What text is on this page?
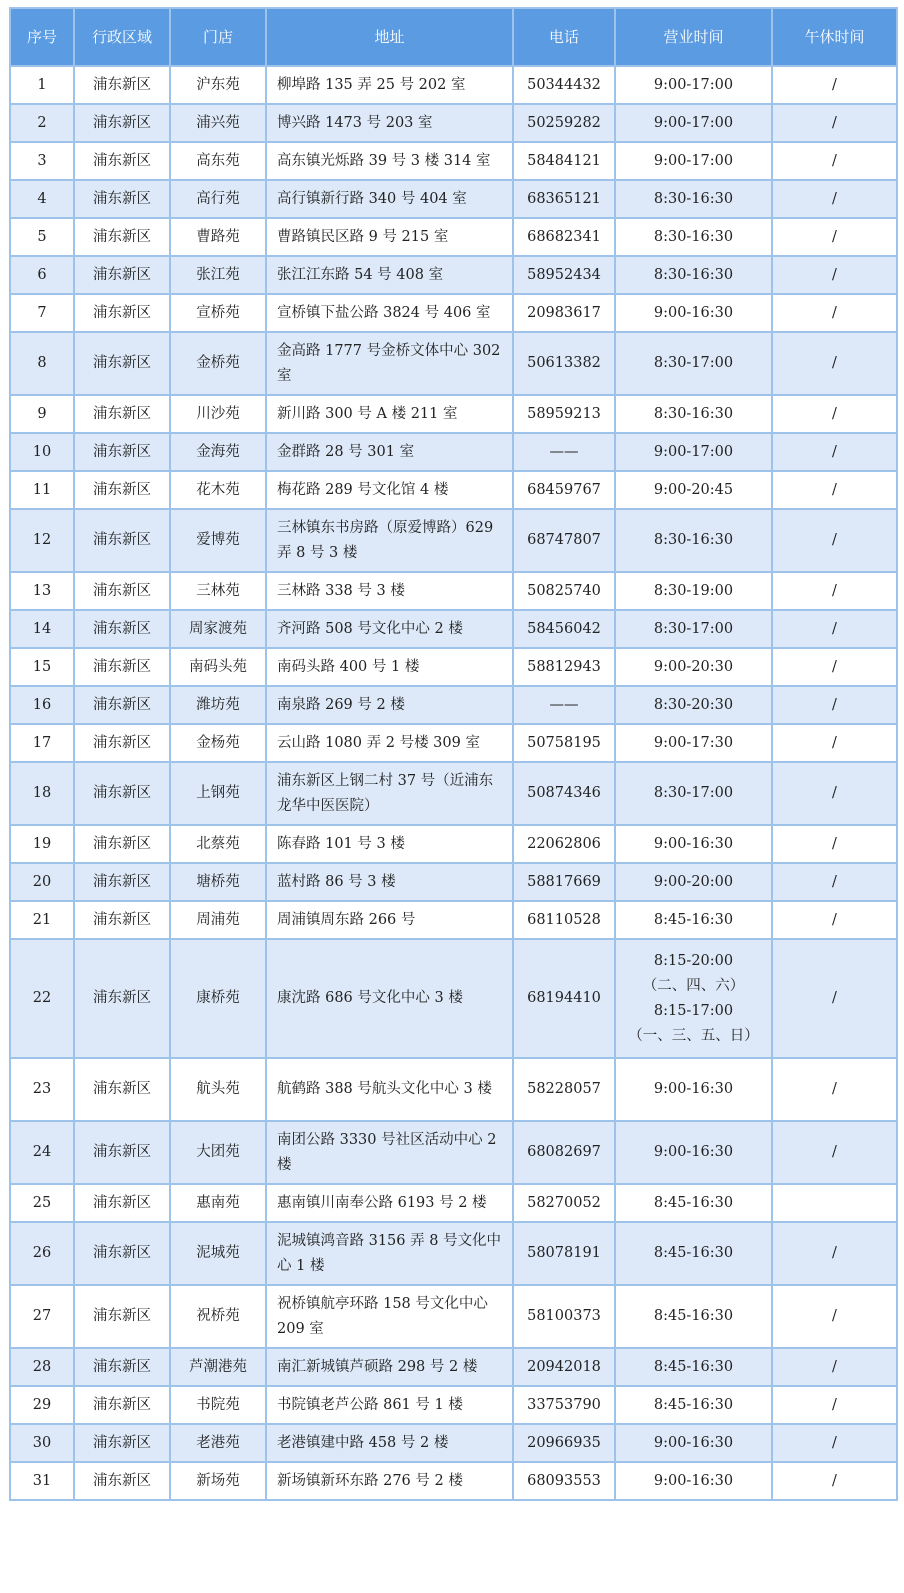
序号	行政区域	门店	地址	电话	营业时间	午休时间
1	浦东新区	沪东苑	柳埠路 135 弄 25 号 202 室	50344432	9:00-17:00	/
2	浦东新区	浦兴苑	博兴路 1473 号 203 室	50259282	9:00-17:00	/
3	浦东新区	高东苑	高东镇光烁路 39 号 3 楼 314 室	58484121	9:00-17:00	/
4	浦东新区	高行苑	高行镇新行路 340 号 404 室	68365121	8:30-16:30	/
5	浦东新区	曹路苑	曹路镇民区路 9 号 215 室	68682341	8:30-16:30	/
6	浦东新区	张江苑	张江江东路 54 号 408 室	58952434	8:30-16:30	/
7	浦东新区	宣桥苑	宣桥镇下盐公路 3824 号 406 室	20983617	9:00-16:30	/
8	浦东新区	金桥苑	金高路 1777 号金桥文体中心 302 室	50613382	8:30-17:00	/
9	浦东新区	川沙苑	新川路 300 号 A 楼 211 室	58959213	8:30-16:30	/
10	浦东新区	金海苑	金群路 28 号 301 室	——	9:00-17:00	/
11	浦东新区	花木苑	梅花路 289 号文化馆 4 楼	68459767	9:00-20:45	/
12	浦东新区	爱博苑	三林镇东书房路（原爱博路）629 弄 8 号 3 楼	68747807	8:30-16:30	/
13	浦东新区	三林苑	三林路 338 号 3 楼	50825740	8:30-19:00	/
14	浦东新区	周家渡苑	齐河路 508 号文化中心 2 楼	58456042	8:30-17:00	/
15	浦东新区	南码头苑	南码头路 400 号 1 楼	58812943	9:00-20:30	/
16	浦东新区	潍坊苑	南泉路 269 号 2 楼	——	8:30-20:30	/
17	浦东新区	金杨苑	云山路 1080 弄 2 号楼 309 室	50758195	9:00-17:30	/
18	浦东新区	上钢苑	浦东新区上钢二村 37 号（近浦东龙华中医医院）	50874346	8:30-17:00	/
19	浦东新区	北蔡苑	陈春路 101 号 3 楼	22062806	9:00-16:30	/
20	浦东新区	塘桥苑	蓝村路 86 号 3 楼	58817669	9:00-20:00	/
21	浦东新区	周浦苑	周浦镇周东路 266 号	68110528	8:45-16:30	/
22	浦东新区	康桥苑	康沈路 686 号文化中心 3 楼	68194410	8:15-20:00
（二、四、六）
8:15-17:00
（一、三、五、日）	/
23	浦东新区	航头苑	航鹤路 388 号航头文化中心 3 楼	58228057	9:00-16:30	/
24	浦东新区	大团苑	南团公路 3330 号社区活动中心 2 楼	68082697	9:00-16:30	/
25	浦东新区	惠南苑	惠南镇川南奉公路 6193 号 2 楼	58270052	8:45-16:30	

26	浦东新区	泥城苑	泥城镇鸿音路 3156 弄 8 号文化中心 1 楼	58078191	8:45-16:30	/
27	浦东新区	祝桥苑	祝桥镇航亭环路 158 号文化中心 209 室	58100373	8:45-16:30	/
28	浦东新区	芦潮港苑	南汇新城镇芦硕路 298 号 2 楼	20942018	8:45-16:30	/
29	浦东新区	书院苑	书院镇老芦公路 861 号 1 楼	33753790	8:45-16:30	/
30	浦东新区	老港苑	老港镇建中路 458 号 2 楼	20966935	9:00-16:30	/
31	浦东新区	新场苑	新场镇新环东路 276 号 2 楼	68093553	9:00-16:30	/
